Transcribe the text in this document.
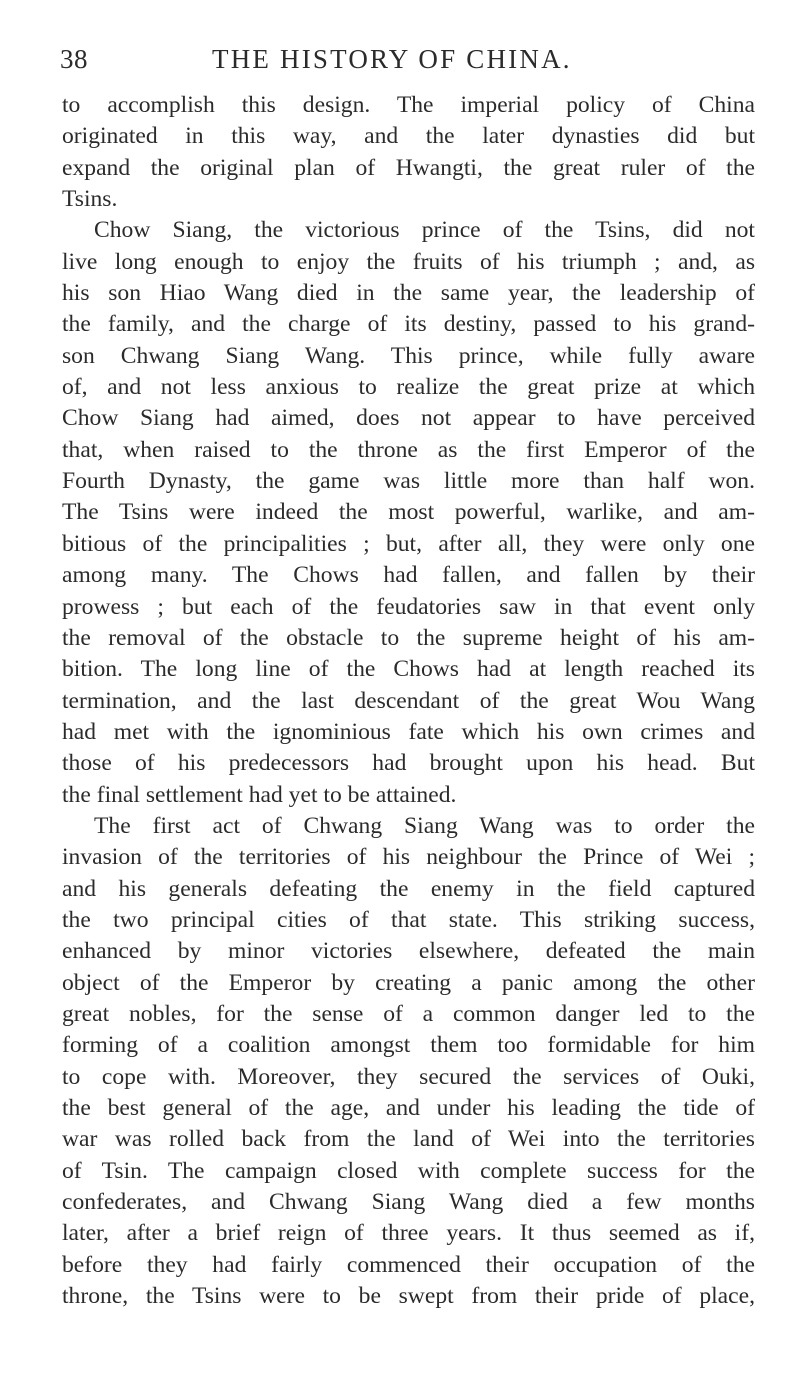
38	THE HISTORY OF CHINA.
to accomplish this design. The imperial policy of China
originated in this way, and the later dynasties did but
expand the original plan of Hwangti, the great ruler of the
Tsins.
Chow Siang, the victorious prince of the Tsins, did not
live long enough to enjoy the fruits of his triumph ; and, as
his son Hiao Wang died in the same year, the leadership of
the family, and the charge of its destiny, passed to his grand-
son Chwang Siang Wang. This prince, while fully aware
of, and not less anxious to realize the great prize at which
Chow Siang had aimed, does not appear to have perceived
that, when raised to the throne as the first Emperor of the
Fourth Dynasty, the game was little more than half won.
The Tsins were indeed the most powerful, warlike, and am-
bitious of the principalities ; but, after all, they were only one
among many. The Chows had fallen, and fallen by their
prowess ; but each of the feudatories saw in that event only
the removal of the obstacle to the supreme height of his am-
bition. The long line of the Chows had at length reached its
termination, and the last descendant of the great Wou Wang
had met with the ignominious fate which his own crimes and
those of his predecessors had brought upon his head. But
the final settlement had yet to be attained.
The first act of Chwang Siang Wang was to order the
invasion of the territories of his neighbour the Prince of Wei ;
and his generals defeating the enemy in the field captured
the two principal cities of that state. This striking success,
enhanced by minor victories elsewhere, defeated the main
object of the Emperor by creating a panic among the other
great nobles, for the sense of a common danger led to the
forming of a coalition amongst them too formidable for him
to cope with. Moreover, they secured the services of Ouki,
the best general of the age, and under his leading the tide of
war was rolled back from the land of Wei into the territories
of Tsin. The campaign closed with complete success for the
confederates, and Chwang Siang Wang died a few months
later, after a brief reign of three years. It thus seemed as if,
before they had fairly commenced their occupation of the
throne, the Tsins were to be swept from their pride of place,
